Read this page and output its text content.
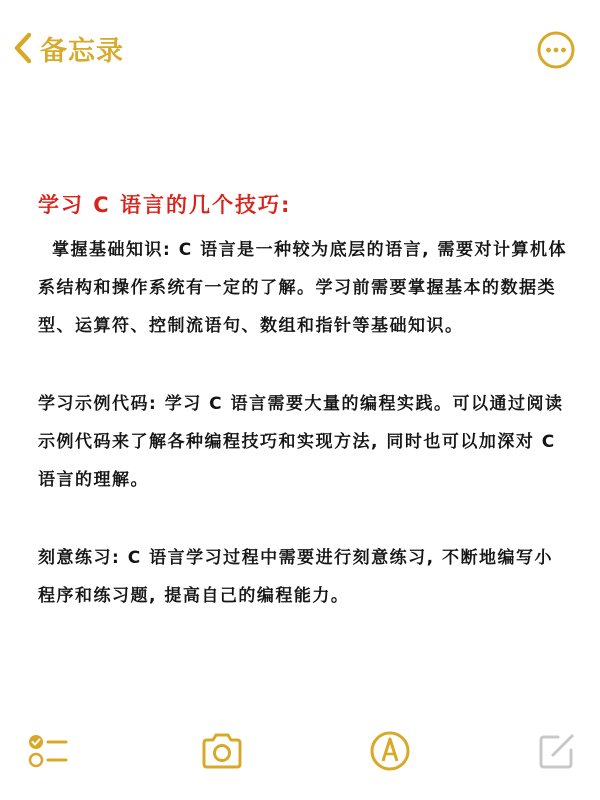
备忘录
学习 C 语言的几个技巧:

掌握基础知识: C 语言是一种较为底层的语言, 需要对计算机体系结构和操作系统有一定的了解。学习前需要掌握基本的数据类型、运算符、控制流语句、数组和指针等基础知识。

学习示例代码: 学习 C 语言需要大量的编程实践。可以通过阅读示例代码来了解各种编程技巧和实现方法, 同时也可以加深对 C 语言的理解。

刻意练习: C 语言学习过程中需要进行刻意练习, 不断地编写小程序和练习题, 提高自己的编程能力。
